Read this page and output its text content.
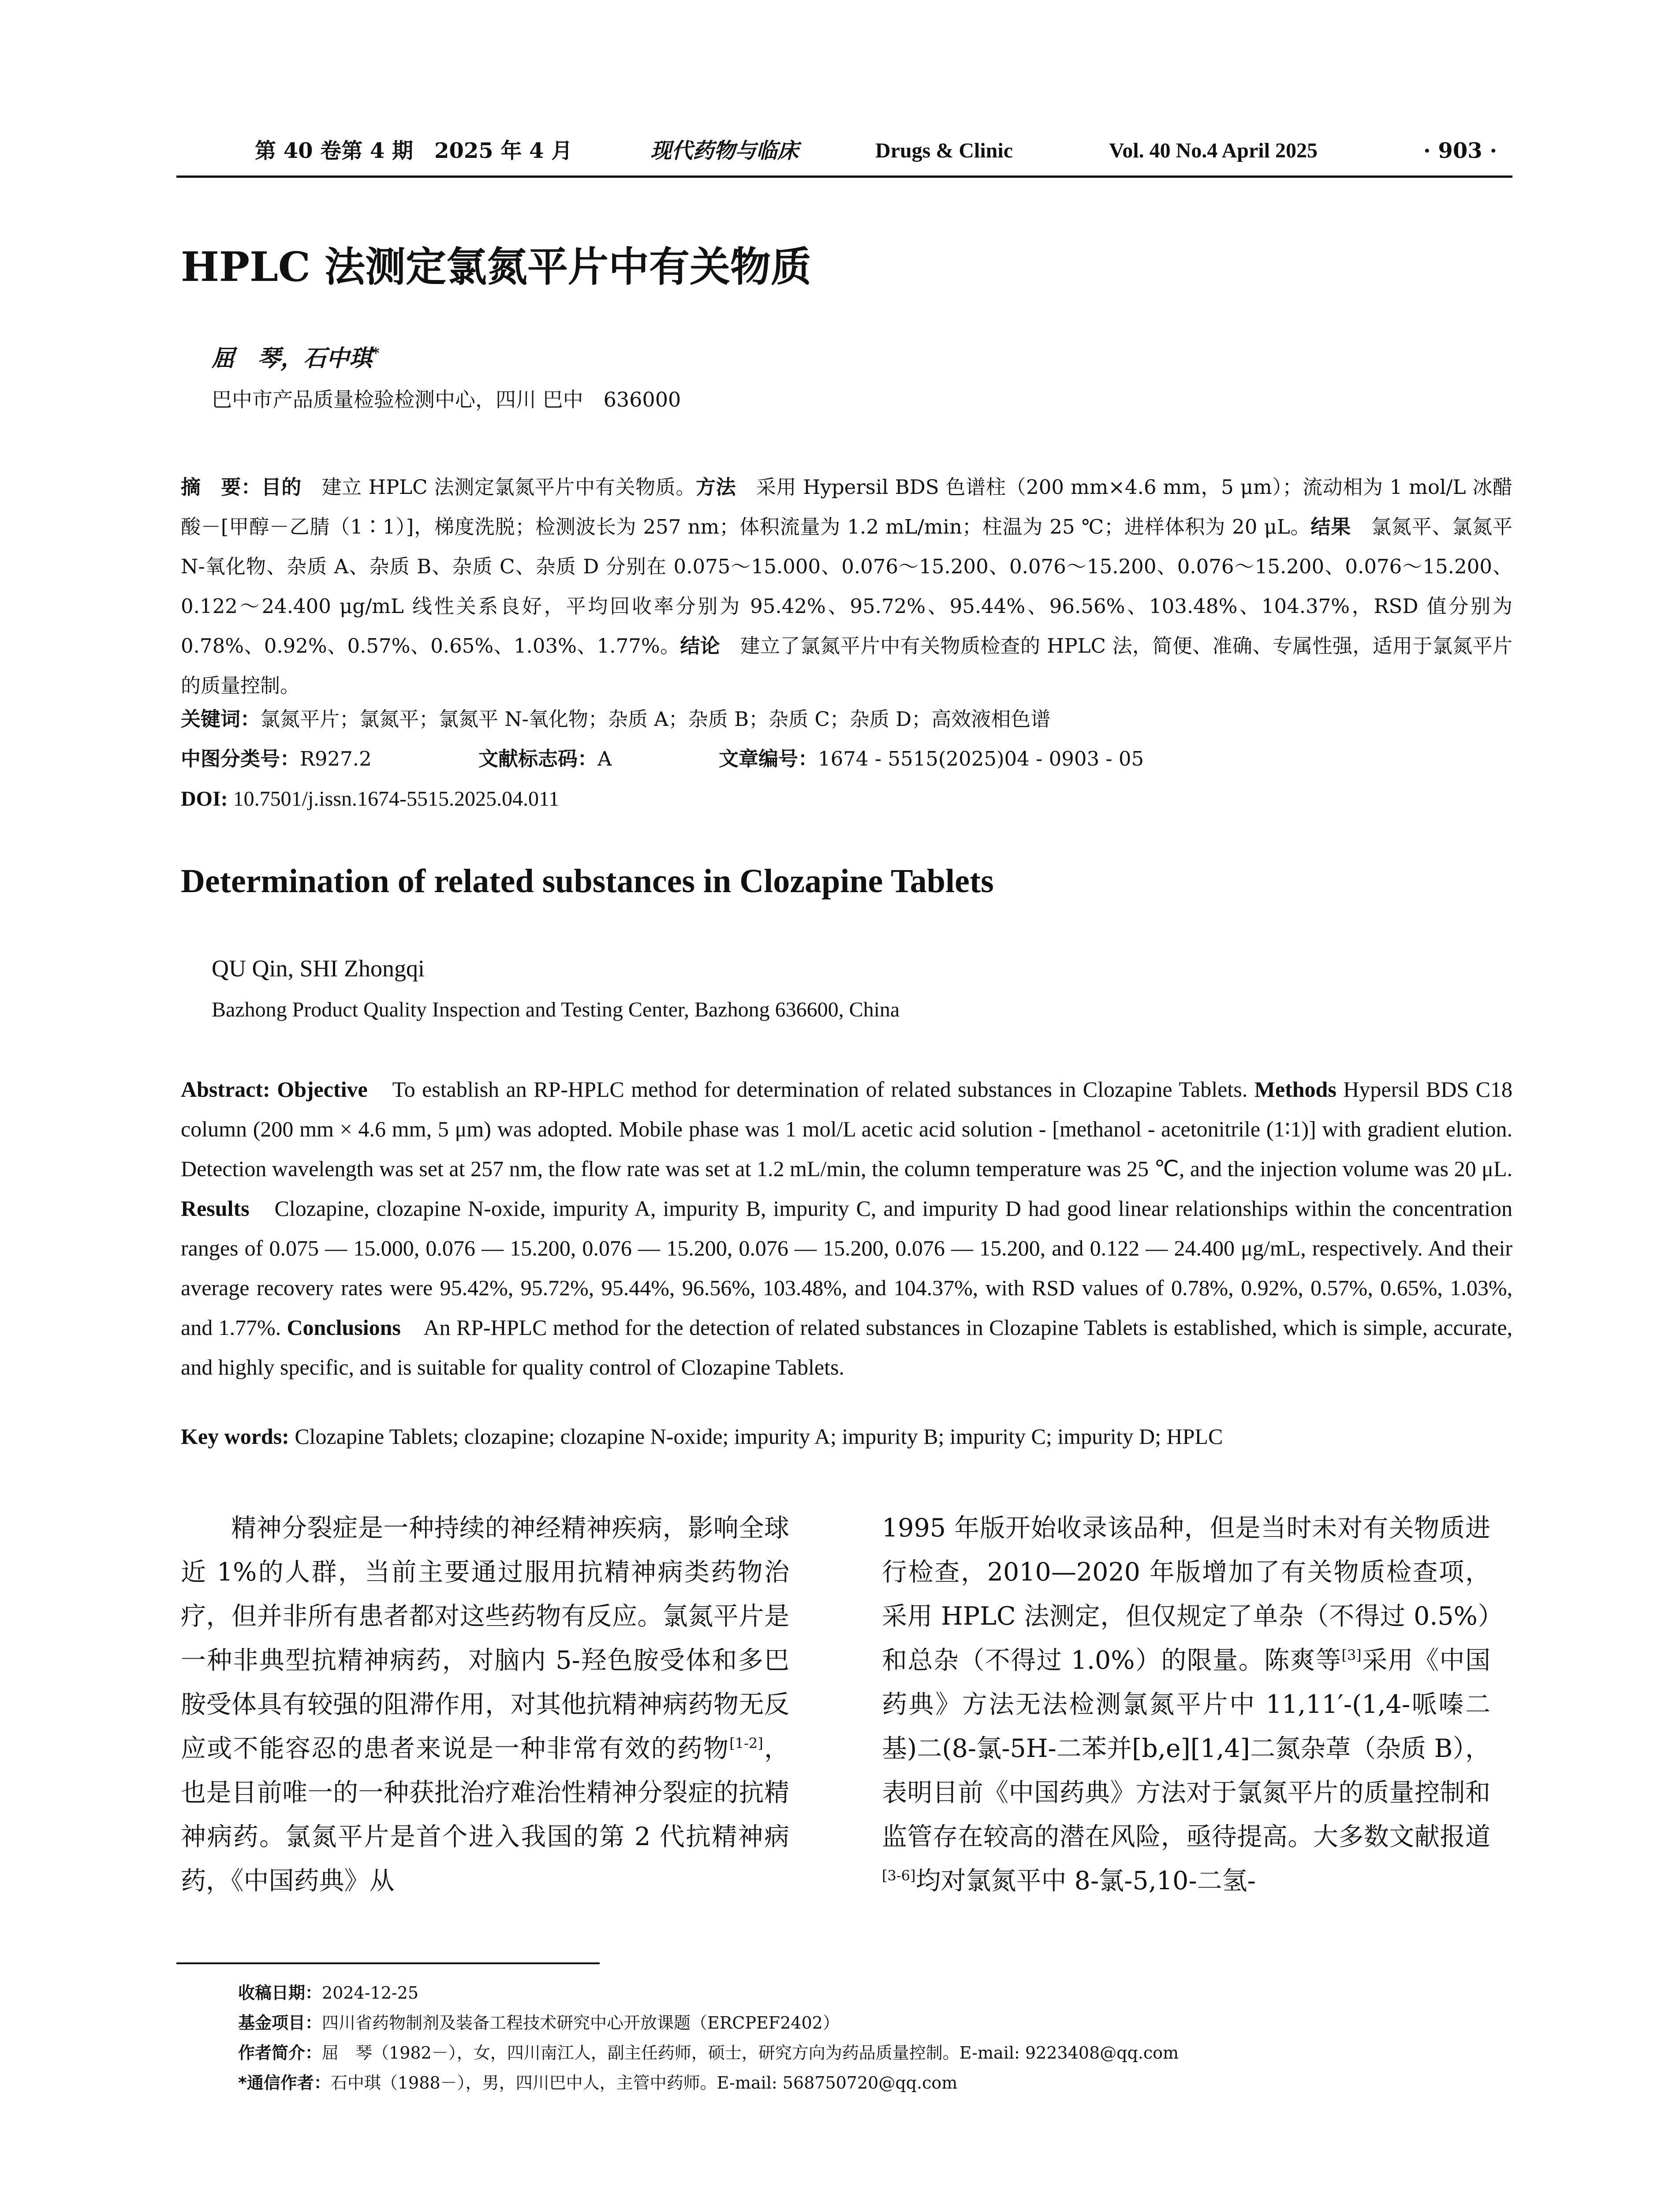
第 40 卷第 4 期　2025 年 4 月	现代药物与临床	Drugs & Clinic	Vol. 40 No.4 April 2025	· 903 ·
HPLC 法测定氯氮平片中有关物质
屈　琴，石中琪*
巴中市产品质量检验检测中心，四川 巴中　636000
摘　要：目的　建立 HPLC 法测定氯氮平片中有关物质。方法　采用 Hypersil BDS 色谱柱（200 mm×4.6 mm，5 μm）；流动相为 1 mol/L 冰醋酸－[甲醇－乙腈（1∶1）]，梯度洗脱；检测波长为 257 nm；体积流量为 1.2 mL/min；柱温为 25 ℃；进样体积为 20 μL。结果　氯氮平、氯氮平 N-氧化物、杂质 A、杂质 B、杂质 C、杂质 D 分别在 0.075～15.000、0.076～15.200、0.076～15.200、0.076～15.200、0.076～15.200、0.122～24.400 μg/mL 线性关系良好，平均回收率分别为 95.42%、95.72%、95.44%、96.56%、103.48%、104.37%，RSD 值分别为 0.78%、0.92%、0.57%、0.65%、1.03%、1.77%。结论　建立了氯氮平片中有关物质检查的 HPLC 法，简便、准确、专属性强，适用于氯氮平片的质量控制。
关键词：氯氮平片；氯氮平；氯氮平 N-氧化物；杂质 A；杂质 B；杂质 C；杂质 D；高效液相色谱
中图分类号：R927.2	文献标志码：A	文章编号：1674 - 5515(2025)04 - 0903 - 05
DOI: 10.7501/j.issn.1674-5515.2025.04.011
Determination of related substances in Clozapine Tablets
QU Qin, SHI Zhongqi
Bazhong Product Quality Inspection and Testing Center, Bazhong 636600, China
Abstract: Objective　To establish an RP-HPLC method for determination of related substances in Clozapine Tablets. Methods Hypersil BDS C18 column (200 mm × 4.6 mm, 5 μm) was adopted. Mobile phase was 1 mol/L acetic acid solution - [methanol - acetonitrile (1∶1)] with gradient elution. Detection wavelength was set at 257 nm, the flow rate was set at 1.2 mL/min, the column temperature was 25 ℃, and the injection volume was 20 μL. Results　Clozapine, clozapine N-oxide, impurity A, impurity B, impurity C, and impurity D had good linear relationships within the concentration ranges of 0.075 — 15.000, 0.076 — 15.200, 0.076 — 15.200, 0.076 — 15.200, 0.076 — 15.200, and 0.122 — 24.400 μg/mL, respectively. And their average recovery rates were 95.42%, 95.72%, 95.44%, 96.56%, 103.48%, and 104.37%, with RSD values of 0.78%, 0.92%, 0.57%, 0.65%, 1.03%, and 1.77%. Conclusions　An RP-HPLC method for the detection of related substances in Clozapine Tablets is established, which is simple, accurate, and highly specific, and is suitable for quality control of Clozapine Tablets.
Key words: Clozapine Tablets; clozapine; clozapine N-oxide; impurity A; impurity B; impurity C; impurity D; HPLC
精神分裂症是一种持续的神经精神疾病，影响全球近 1%的人群，当前主要通过服用抗精神病类药物治疗，但并非所有患者都对这些药物有反应。氯氮平片是一种非典型抗精神病药，对脑内 5-羟色胺受体和多巴胺受体具有较强的阻滞作用，对其他抗精神病药物无反应或不能容忍的患者来说是一种非常有效的药物[1-2]，也是目前唯一的一种获批治疗难治性精神分裂症的抗精神病药。氯氮平片是首个进入我国的第 2 代抗精神病药，《中国药典》从
1995 年版开始收录该品种，但是当时未对有关物质进行检查，2010—2020 年版增加了有关物质检查项，采用 HPLC 法测定，但仅规定了单杂（不得过 0.5%）和总杂（不得过 1.0%）的限量。陈爽等[3]采用《中国药典》方法无法检测氯氮平片中 11,11′-(1,4-哌嗪二基)二(8-氯-5H-二苯并[b,e][1,4]二氮杂䓬（杂质 B），表明目前《中国药典》方法对于氯氮平片的质量控制和监管存在较高的潜在风险，亟待提高。大多数文献报道[3-6]均对氯氮平中 8-氯-5,10-二氢-
收稿日期：2024-12-25
基金项目：四川省药物制剂及装备工程技术研究中心开放课题（ERCPEF2402）
作者简介：屈　琴（1982－），女，四川南江人，副主任药师，硕士，研究方向为药品质量控制。E-mail: 9223408@qq.com
*通信作者：石中琪（1988－），男，四川巴中人，主管中药师。E-mail: 568750720@qq.com
